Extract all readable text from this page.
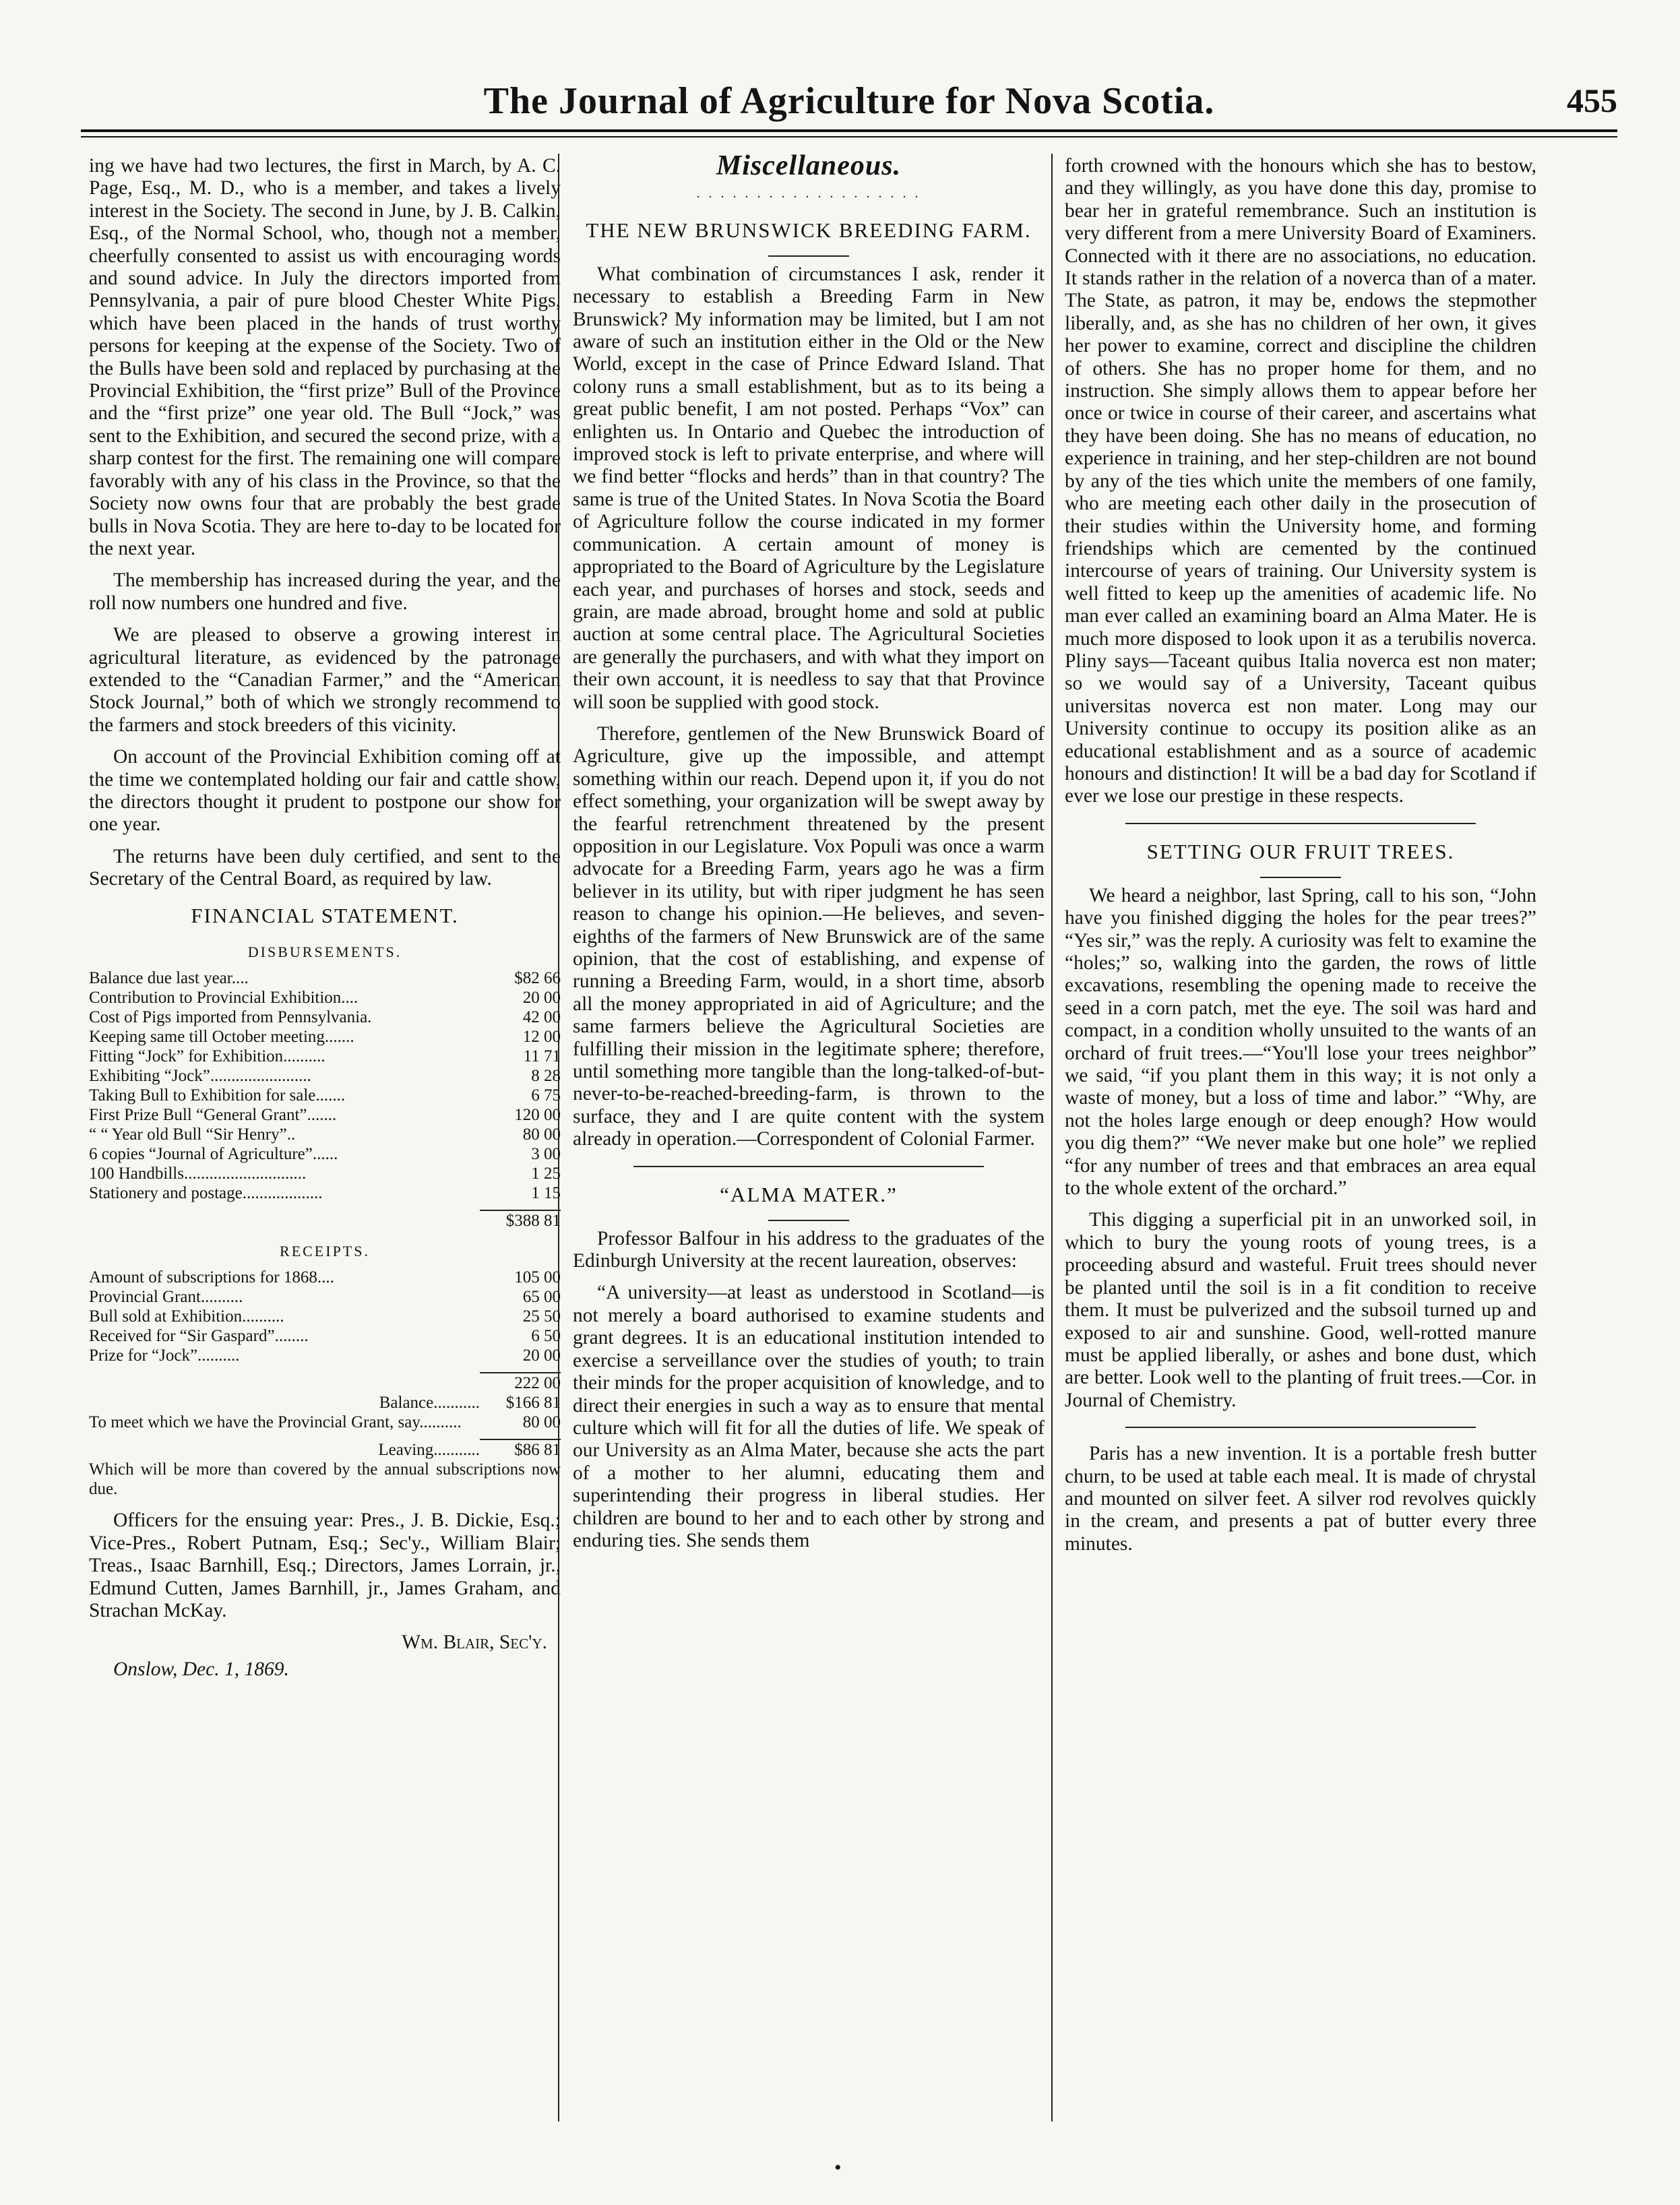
The Journal of Agriculture for Nova Scotia.	455

ing we have had two lectures, the first in March, by A. C. Page, Esq., M. D., who is a member, and takes a lively interest in the Society. The second in June, by J. B. Calkin, Esq., of the Normal School, who, though not a member, cheerfully consented to assist us with encouraging words and sound advice. In July the directors imported from Pennsylvania, a pair of pure blood Chester White Pigs, which have been placed in the hands of trust worthy persons for keeping at the expense of the Society. Two of the Bulls have been sold and replaced by purchasing at the Provincial Exhibition, the “first prize” Bull of the Province and the “first prize” one year old. The Bull “Jock,” was sent to the Exhibition, and secured the second prize, with a sharp contest for the first. The remaining one will compare favorably with any of his class in the Province, so that the Society now owns four that are probably the best grade bulls in Nova Scotia. They are here to-day to be located for the next year.

The membership has increased during the year, and the roll now numbers one hundred and five.

We are pleased to observe a growing interest in agricultural literature, as evidenced by the patronage extended to the “Canadian Farmer,” and the “American Stock Journal,” both of which we strongly recommend to the farmers and stock breeders of this vicinity.

On account of the Provincial Exhibition coming off at the time we contemplated holding our fair and cattle show, the directors thought it prudent to postpone our show for one year.

The returns have been duly certified, and sent to the Secretary of the Central Board, as required by law.

FINANCIAL STATEMENT.
DISBURSEMENTS.
Balance due last year....	$82 66
Contribution to Provincial Exhibition....	20 00
Cost of Pigs imported from Pennsylvania.	42 00
Keeping same till October meeting.......	12 00
Fitting “Jock” for Exhibition..........	11 71
Exhibiting “Jock”........................	8 28
Taking Bull to Exhibition for sale.......	6 75
First Prize Bull “General Grant”.......	120 00
“ “ Year old Bull “Sir Henry”..	80 00
6 copies “Journal of Agriculture”......	3 00
100 Handbills.............................	1 25
Stationery and postage...................	1 15
	$388 81
RECEIPTS.
Amount of subscriptions for 1868....	105 00
Provincial Grant..........	65 00
Bull sold at Exhibition..........	25 50
Received for “Sir Gaspard”........	6 50
Prize for “Jock”..........	20 00
	222 00
Balance...........	$166 81
To meet which we have the Provincial Grant, say..........	80 00
Leaving...........	$86 81
Which will be more than covered by the annual subscriptions now due.

Officers for the ensuing year: Pres., J. B. Dickie, Esq.; Vice-Pres., Robert Putnam, Esq.; Sec'y., William Blair; Treas., Isaac Barnhill, Esq.; Directors, James Lorrain, jr., Edmund Cutten, James Barnhill, jr., James Graham, and Strachan McKay.

Wm. Blair, Sec'y.
Onslow, Dec. 1, 1869.
Miscellaneous.
. . . . . . . . . . . . . . . . . . .
THE NEW BRUNSWICK BREEDING FARM.

What combination of circumstances I ask, render it necessary to establish a Breeding Farm in New Brunswick? My information may be limited, but I am not aware of such an institution either in the Old or the New World, except in the case of Prince Edward Island. That colony runs a small establishment, but as to its being a great public benefit, I am not posted. Perhaps “Vox” can enlighten us. In Ontario and Quebec the introduction of improved stock is left to private enterprise, and where will we find better “flocks and herds” than in that country? The same is true of the United States. In Nova Scotia the Board of Agriculture follow the course indicated in my former communication. A certain amount of money is appropriated to the Board of Agriculture by the Legislature each year, and purchases of horses and stock, seeds and grain, are made abroad, brought home and sold at public auction at some central place. The Agricultural Societies are generally the purchasers, and with what they import on their own account, it is needless to say that that Province will soon be supplied with good stock.

Therefore, gentlemen of the New Brunswick Board of Agriculture, give up the impossible, and attempt something within our reach. Depend upon it, if you do not effect something, your organization will be swept away by the fearful retrenchment threatened by the present opposition in our Legislature. Vox Populi was once a warm advocate for a Breeding Farm, years ago he was a firm believer in its utility, but with riper judgment he has seen reason to change his opinion.—He believes, and seven-eighths of the farmers of New Brunswick are of the same opinion, that the cost of establishing, and expense of running a Breeding Farm, would, in a short time, absorb all the money appropriated in aid of Agriculture; and the same farmers believe the Agricultural Societies are fulfilling their mission in the legitimate sphere; therefore, until something more tangible than the long-talked-of-but-never-to-be-reached-breeding-farm, is thrown to the surface, they and I are quite content with the system already in operation.—Correspondent of Colonial Farmer.

“ALMA MATER.”

Professor Balfour in his address to the graduates of the Edinburgh University at the recent laureation, observes:

“A university—at least as understood in Scotland—is not merely a board authorised to examine students and grant degrees. It is an educational institution intended to exercise a serveillance over the studies of youth; to train their minds for the proper acquisition of knowledge, and to direct their energies in such a way as to ensure that mental culture which will fit for all the duties of life. We speak of our University as an Alma Mater, because she acts the part of a mother to her alumni, educating them and superintending their progress in liberal studies. Her children are bound to her and to each other by strong and enduring ties. She sends them

forth crowned with the honours which she has to bestow, and they willingly, as you have done this day, promise to bear her in grateful remembrance. Such an institution is very different from a mere University Board of Examiners. Connected with it there are no associations, no education. It stands rather in the relation of a noverca than of a mater. The State, as patron, it may be, endows the stepmother liberally, and, as she has no children of her own, it gives her power to examine, correct and discipline the children of others. She has no proper home for them, and no instruction. She simply allows them to appear before her once or twice in course of their career, and ascertains what they have been doing. She has no means of education, no experience in training, and her step-children are not bound by any of the ties which unite the members of one family, who are meeting each other daily in the prosecution of their studies within the University home, and forming friendships which are cemented by the continued intercourse of years of training. Our University system is well fitted to keep up the amenities of academic life. No man ever called an examining board an Alma Mater. He is much more disposed to look upon it as a terubilis noverca. Pliny says—Taceant quibus Italia noverca est non mater; so we would say of a University, Taceant quibus universitas noverca est non mater. Long may our University continue to occupy its position alike as an educational establishment and as a source of academic honours and distinction! It will be a bad day for Scotland if ever we lose our prestige in these respects.

SETTING OUR FRUIT TREES.

We heard a neighbor, last Spring, call to his son, “John have you finished digging the holes for the pear trees?” “Yes sir,” was the reply. A curiosity was felt to examine the “holes;” so, walking into the garden, the rows of little excavations, resembling the opening made to receive the seed in a corn patch, met the eye. The soil was hard and compact, in a condition wholly unsuited to the wants of an orchard of fruit trees.—“You'll lose your trees neighbor” we said, “if you plant them in this way; it is not only a waste of money, but a loss of time and labor.” “Why, are not the holes large enough or deep enough? How would you dig them?” “We never make but one hole” we replied “for any number of trees and that embraces an area equal to the whole extent of the orchard.”

This digging a superficial pit in an unworked soil, in which to bury the young roots of young trees, is a proceeding absurd and wasteful. Fruit trees should never be planted until the soil is in a fit condition to receive them. It must be pulverized and the subsoil turned up and exposed to air and sunshine. Good, well-rotted manure must be applied liberally, or ashes and bone dust, which are better. Look well to the planting of fruit trees.—Cor. in Journal of Chemistry.

Paris has a new invention. It is a portable fresh butter churn, to be used at table each meal. It is made of chrystal and mounted on silver feet. A silver rod revolves quickly in the cream, and presents a pat of butter every three minutes.

•
